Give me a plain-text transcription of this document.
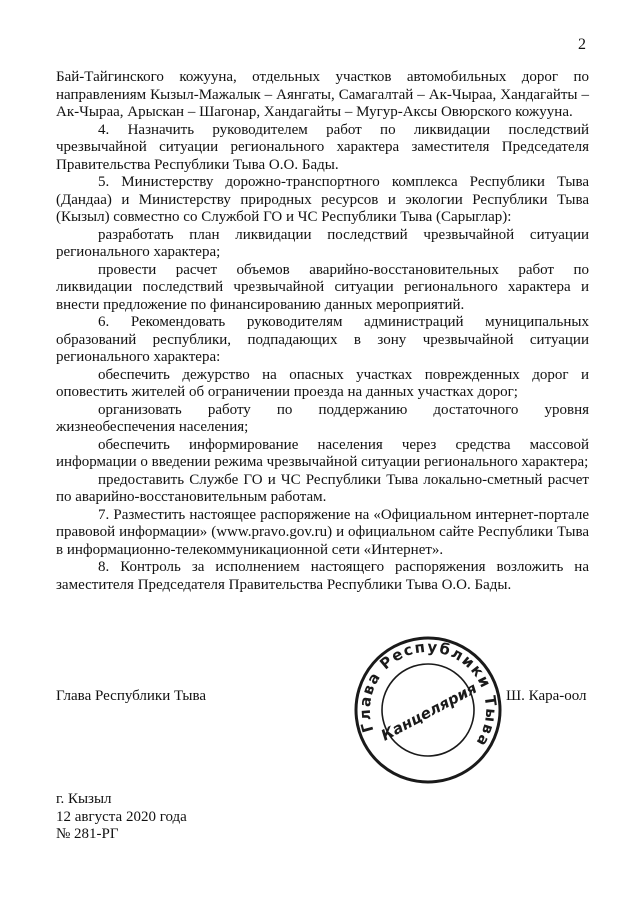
2

Бай-Тайгинского кожууна, отдельных участков автомобильных дорог по направлениям Кызыл-Мажалык – Аянгаты, Самагалтай – Ак-Чыраа, Хандагайты – Ак-Чыраа, Арыскан – Шагонар, Хандагайты – Мугур-Аксы Овюрского кожууна.

4. Назначить руководителем работ по ликвидации последствий чрезвычайной ситуации регионального характера заместителя Председателя Правительства Республики Тыва О.О. Бады.

5. Министерству дорожно-транспортного комплекса Республики Тыва (Дандаа) и Министерству природных ресурсов и экологии Республики Тыва (Кызыл) совместно со Службой ГО и ЧС Республики Тыва (Сарыглар):

разработать план ликвидации последствий чрезвычайной ситуации регионального характера;

провести расчет объемов аварийно-восстановительных работ по ликвидации последствий чрезвычайной ситуации регионального характера и внести предложение по финансированию данных мероприятий.

6. Рекомендовать руководителям администраций муниципальных образований республики, подпадающих в зону чрезвычайной ситуации регионального характера:

обеспечить дежурство на опасных участках поврежденных дорог и оповестить жителей об ограничении проезда на данных участках дорог;

организовать работу по поддержанию достаточного уровня жизнеобеспечения населения;

обеспечить информирование населения через средства массовой информации о введении режима чрезвычайной ситуации регионального характера;

предоставить Службе ГО и ЧС Республики Тыва локально-сметный расчет по аварийно-восстановительным работам.

7. Разместить настоящее распоряжение на «Официальном интернет-портале правовой информации» (www.pravo.gov.ru) и официальном сайте Республики Тыва в информационно-телекоммуникационной сети «Интернет».

8. Контроль за исполнением настоящего распоряжения возложить на заместителя Председателя Правительства Республики Тыва О.О. Бады.

Глава Республики Тыва
Глава Республики Тыва
Канцелярия Ш. Кара-оол
г. Кызыл
12 августа 2020 года
№ 281-РГ
